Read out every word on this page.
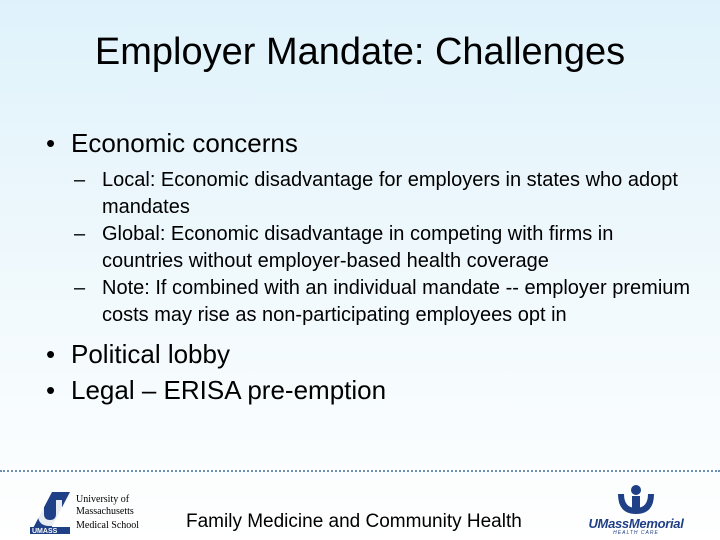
Employer Mandate: Challenges
• Economic concerns
– Local: Economic disadvantage for employers in states who adopt mandates
– Global: Economic disadvantage in competing with firms in countries without employer-based health coverage
– Note: If combined with an individual mandate -- employer premium costs may rise as non-participating employees opt in
• Political lobby
• Legal – ERISA pre-emption
UMASS
University of
Massachusetts
Medical School Family Medicine and Community Health	UMassMemorial
HEALTH CARE
